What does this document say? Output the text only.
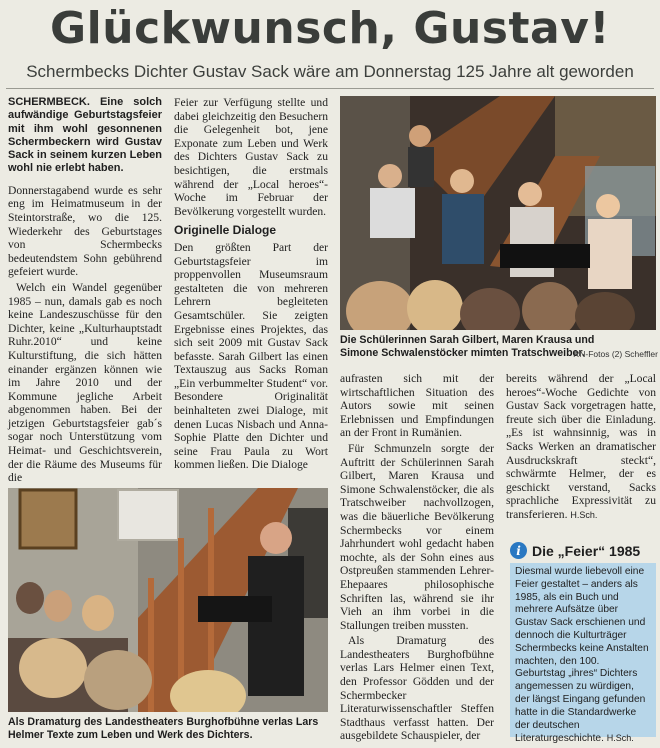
Glückwunsch, Gustav!
Schermbecks Dichter Gustav Sack wäre am Donnerstag 125 Jahre alt geworden

SCHERMBECK. Eine solch aufwändige Geburtstagsfeier mit ihm wohl gesonnenen Schermbeckern wird Gustav Sack in seinem kurzen Leben wohl nie erlebt haben.

Donnerstagabend wurde es sehr eng im Heimatmuseum in der Steintorstraße, wo die 125. Wiederkehr des Geburtstages von Schermbecks bedeutendstem Sohn gebührend gefeiert wurde.

Welch ein Wandel gegenüber 1985 – nun, damals gab es noch keine Landeszuschüsse für den Dichter, keine „Kulturhauptstadt Ruhr.2010“ und keine Kulturstiftung, die sich hätten einander ergänzen können wie im Jahre 2010 und der Kommune jegliche Arbeit abgenommen haben. Bei der jetzigen Geburtstagsfeier gab´s sogar noch Unterstützung vom Heimat- und Geschichtsverein, der die Räume des Museums für die

Feier zur Verfügung stellte und dabei gleichzeitig den Besuchern die Gelegenheit bot, jene Exponate zum Leben und Werk des Dichters Gustav Sack zu besichtigen, die erstmals während der „Local heroes“-Woche im Februar der Bevölkerung vorgestellt wurden.

Originelle Dialoge

Den größten Part der Geburtstagsfeier im proppenvollen Museumsraum gestalteten die von mehreren Lehrern begleiteten Gesamtschüler. Sie zeigten Ergebnisse eines Projektes, das sich seit 2009 mit Gustav Sack befasste. Sarah Gilbert las einen Textauszug aus Sacks Roman „Ein verbummelter Student“ vor. Besondere Originalität beinhalteten zwei Dialoge, mit denen Lucas Nisbach und Anna-Sophie Platte den Dichter und seine Frau Paula zu Wort kommen ließen. Die Dialoge

Die Schülerinnen Sarah Gilbert, Maren Krausa und Simone Schwalenstöcker mimten Tratschweiber.
RN-Fotos (2) Scheffler

aufrasten sich mit der wirtschaftlichen Situation des Autors sowie mit seinen Erlebnissen und Empfindungen an der Front in Rumänien.

Für Schmunzeln sorgte der Auftritt der Schülerinnen Sarah Gilbert, Maren Krausa und Simone Schwalenstöcker, die als Tratschweiber nachvollzogen, was die bäuerliche Bevölkerung Schermbecks vor einem Jahrhundert wohl gedacht haben mochte, als der Sohn eines aus Ostpreußen stammenden Lehrer-Ehepaares philosophische Schriften las, während sie ihr Vieh an ihm vorbei in die Stallungen treiben mussten.

Als Dramaturg des Landestheaters Burghofbühne verlas Lars Helmer einen Text, den Professor Gödden und der Schermbecker Literaturwissenschaftler Steffen Stadthaus verfasst hatten. Der ausgebildete Schauspieler, der

bereits während der „Local heroes“-Woche Gedichte von Gustav Sack vorgetragen hatte, freute sich über die Einladung. „Es ist wahnsinnig, was in Sacks Werken an dramatischer Ausdruckskraft steckt“, schwärmte Helmer, der es geschickt verstand, Sacks sprachliche Expressivität zu transferieren. H.Sch.

Als Dramaturg des Landestheaters Burghofbühne verlas Lars Helmer Texte zum Leben und Werk des Dichters.
i Die „Feier“ 1985
Diesmal wurde liebevoll eine Feier gestaltet – anders als 1985, als ein Buch und mehrere Aufsätze über Gustav Sack erschienen und dennoch die Kulturträger Schermbecks keine Anstalten machten, den 100. Geburtstag „ihres“ Dichters angemessen zu würdigen, der längst Eingang gefunden hatte in die Standardwerke der deutschen Literaturgeschichte. H.Sch.
